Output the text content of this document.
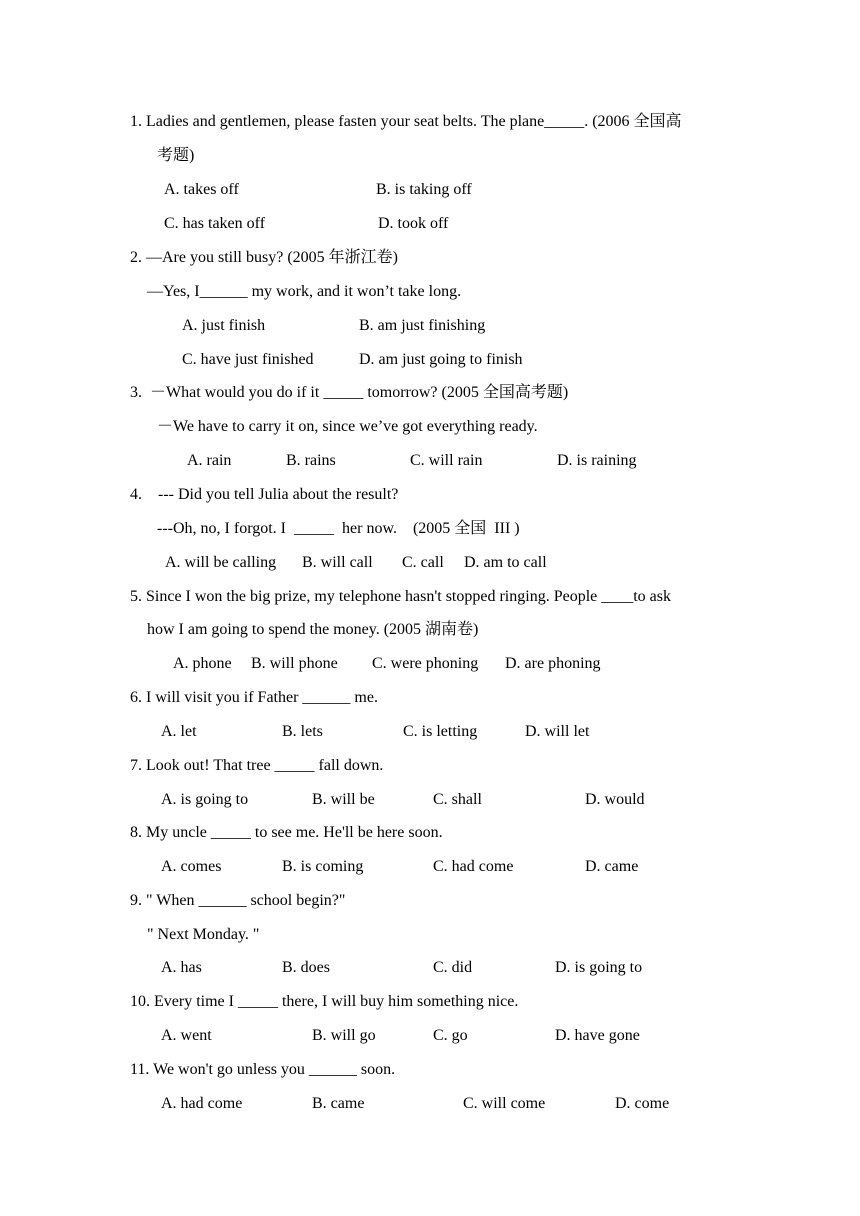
1. Ladies and gentlemen, please fasten your seat belts. The plane_____. (2006 全国高
考题)
A. takes off	B. is taking off
C. has taken off	D. took off
2. —Are you still busy? (2005 年浙江卷)
—Yes, I______ my work, and it won’t take long.
A. just finish	B. am just finishing
C. have just finished	D. am just going to finish
3.  －What would you do if it _____ tomorrow? (2005 全国高考题)
－We have to carry it on, since we’ve got everything ready.
A. rain	B. rains	C. will rain	D. is raining
4.    --- Did you tell Julia about the result?
---Oh, no, I forgot. I  _____  her now.    (2005 全国  III )
A. will be calling B. will call C. call D. am to call
5. Since I won the big prize, my telephone hasn't stopped ringing. People ____to ask
how I am going to spend the money. (2005 湖南卷)
A. phone B. will phone C. were phoning D. are phoning
6. I will visit you if Father ______ me.
A. let	B. lets	C. is letting	D. will let
7. Look out! That tree _____ fall down.
A. is going to	B. will be	C. shall	D. would
8. My uncle _____ to see me. He'll be here soon.
A. comes	B. is coming	C. had come	D. came
9. " When ______ school begin?"
" Next Monday. "
A. has	B. does	C. did	D. is going to
10. Every time I _____ there, I will buy him something nice.
A. went	B. will go	C. go	D. have gone
11. We won't go unless you ______ soon.
A. had come	B. came	C. will come	D. come
